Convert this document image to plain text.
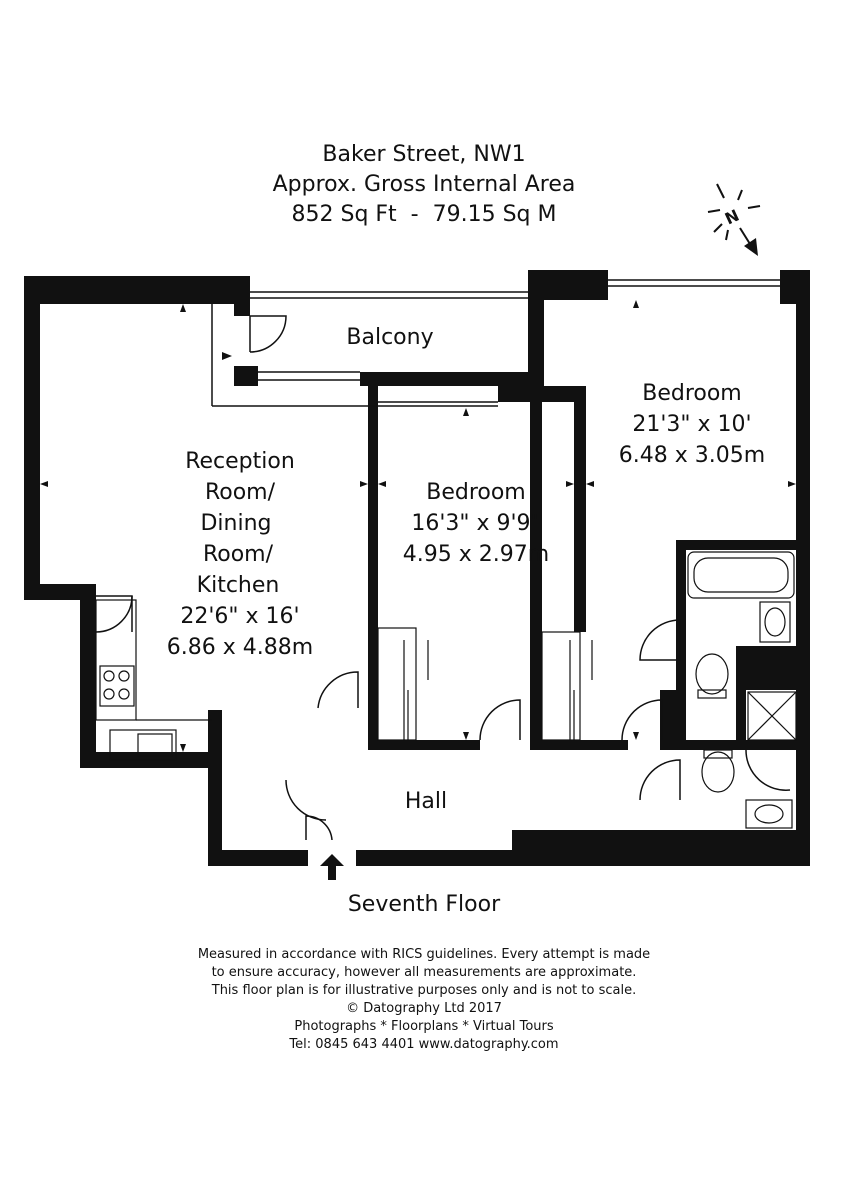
Baker Street, NW1
Approx. Gross Internal Area
852 Sq Ft  -  79.15 Sq M	N
Balcony
Reception
Room/
Dining
Room/
Kitchen
22'6" x 16'
6.86 x 4.88m
Bedroom
16'3" x 9'9"
4.95 x 2.97m
Bedroom
21'3" x 10'
6.48 x 3.05m
Hall
Seventh Floor
Measured in accordance with RICS guidelines. Every attempt is made
to ensure accuracy, however all measurements are approximate.
This floor plan is for illustrative purposes only and is not to scale.
© Datography Ltd 2017
Photographs * Floorplans * Virtual Tours
Tel: 0845 643 4401 www.datography.com
